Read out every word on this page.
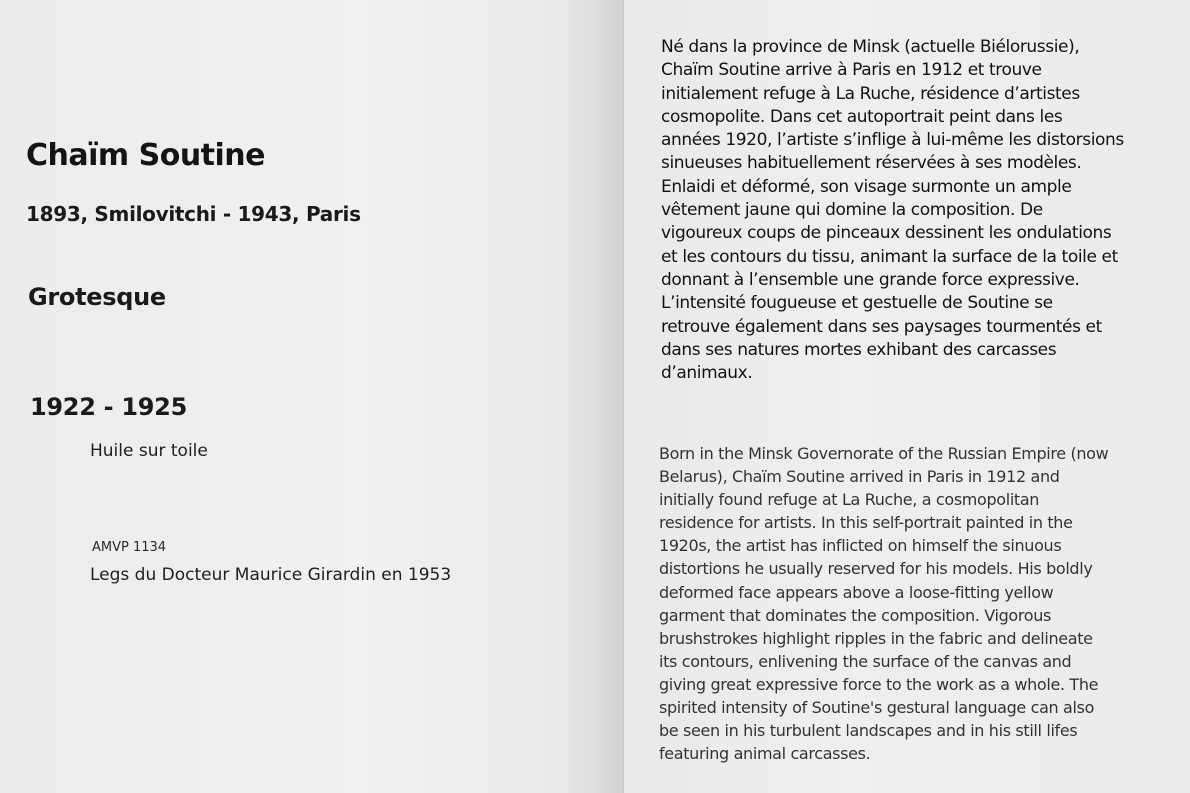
Chaïm Soutine

1893, Smilovitchi - 1943, Paris

Grotesque

1922 - 1925

Huile sur toile

AMVP 1134

Legs du Docteur Maurice Girardin en 1953

Né dans la province de Minsk (actuelle Biélorussie),
Chaïm Soutine arrive à Paris en 1912 et trouve
initialement refuge à La Ruche, résidence d’artistes
cosmopolite. Dans cet autoportrait peint dans les
années 1920, l’artiste s’inflige à lui-même les distorsions
sinueuses habituellement réservées à ses modèles.
Enlaidi et déformé, son visage surmonte un ample
vêtement jaune qui domine la composition. De
vigoureux coups de pinceaux dessinent les ondulations
et les contours du tissu, animant la surface de la toile et
donnant à l’ensemble une grande force expressive.
L’intensité fougueuse et gestuelle de Soutine se
retrouve également dans ses paysages tourmentés et
dans ses natures mortes exhibant des carcasses
d’animaux.

Born in the Minsk Governorate of the Russian Empire (now
Belarus), Chaïm Soutine arrived in Paris in 1912 and
initially found refuge at La Ruche, a cosmopolitan
residence for artists. In this self-portrait painted in the
1920s, the artist has inflicted on himself the sinuous
distortions he usually reserved for his models. His boldly
deformed face appears above a loose-fitting yellow
garment that dominates the composition. Vigorous
brushstrokes highlight ripples in the fabric and delineate
its contours, enlivening the surface of the canvas and
giving great expressive force to the work as a whole. The
spirited intensity of Soutine's gestural language can also
be seen in his turbulent landscapes and in his still lifes
featuring animal carcasses.
